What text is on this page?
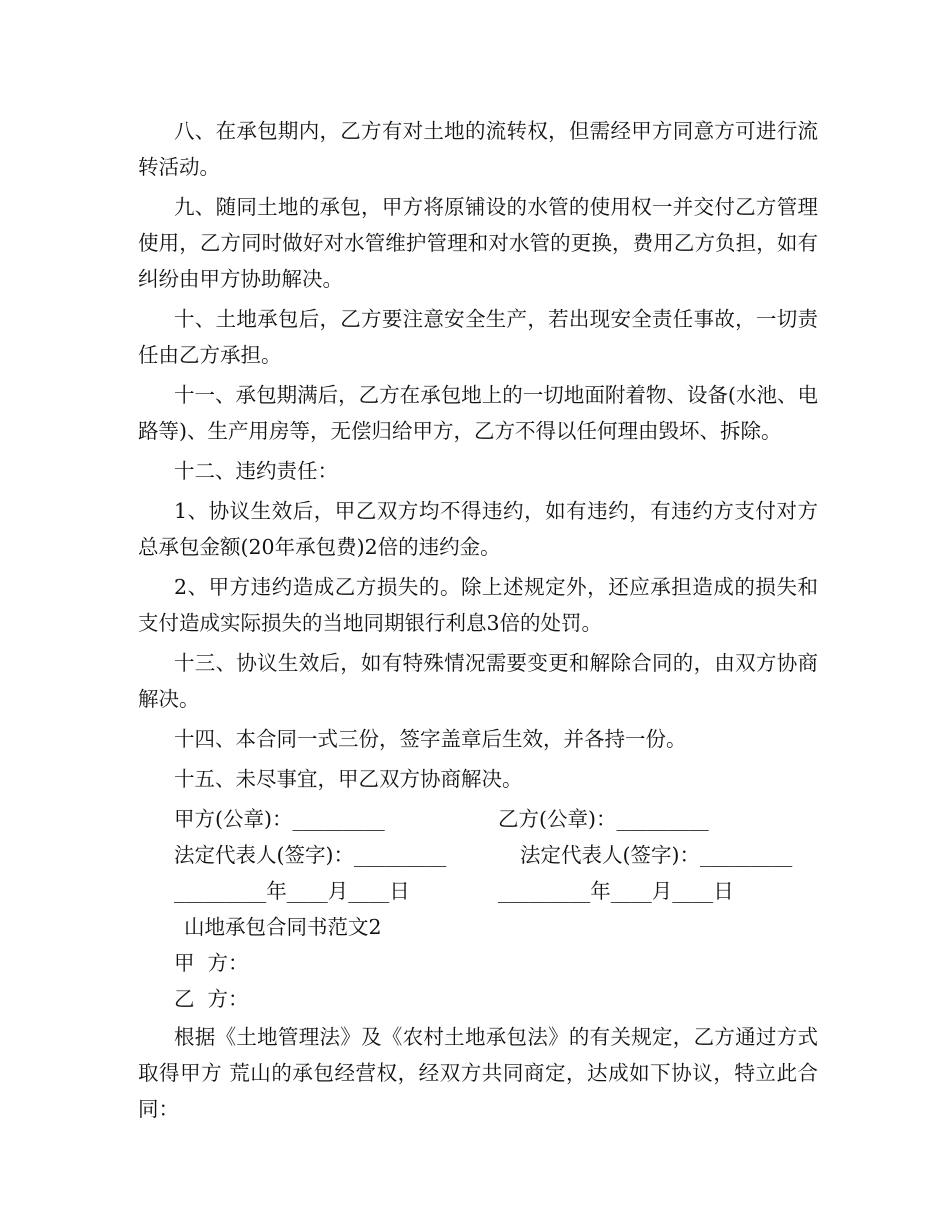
八、在承包期内，乙方有对土地的流转权，但需经甲方同意方可进行流转活动。

九、随同土地的承包，甲方将原铺设的水管的使用权一并交付乙方管理使用，乙方同时做好对水管维护管理和对水管的更换，费用乙方负担，如有纠纷由甲方协助解决。

十、土地承包后，乙方要注意安全生产，若出现安全责任事故，一切责任由乙方承担。

十一、承包期满后，乙方在承包地上的一切地面附着物、设备(水池、电路等)、生产用房等，无偿归给甲方，乙方不得以任何理由毁坏、拆除。

十二、违约责任：

1、协议生效后，甲乙双方均不得违约，如有违约，有违约方支付对方总承包金额(20年承包费)2倍的违约金。

2、甲方违约造成乙方损失的。除上述规定外，还应承担造成的损失和支付造成实际损失的当地同期银行利息3倍的处罚。

十三、协议生效后，如有特殊情况需要变更和解除合同的，由双方协商解决。

十四、本合同一式三份，签字盖章后生效，并各持一份。

十五、未尽事宜，甲乙双方协商解决。

甲方(公章)：_________

	乙方(公章)：_________

法定代表人(签字)：_________

	法定代表人(签字)：_________

_________年____月____日

	_________年____月____日

山地承包合同书范文2
甲  方：
乙  方：

根据《土地管理法》及《农村土地承包法》的有关规定，乙方通过方式取得甲方 荒山的承包经营权，经双方共同商定，达成如下协议，特立此合同：
